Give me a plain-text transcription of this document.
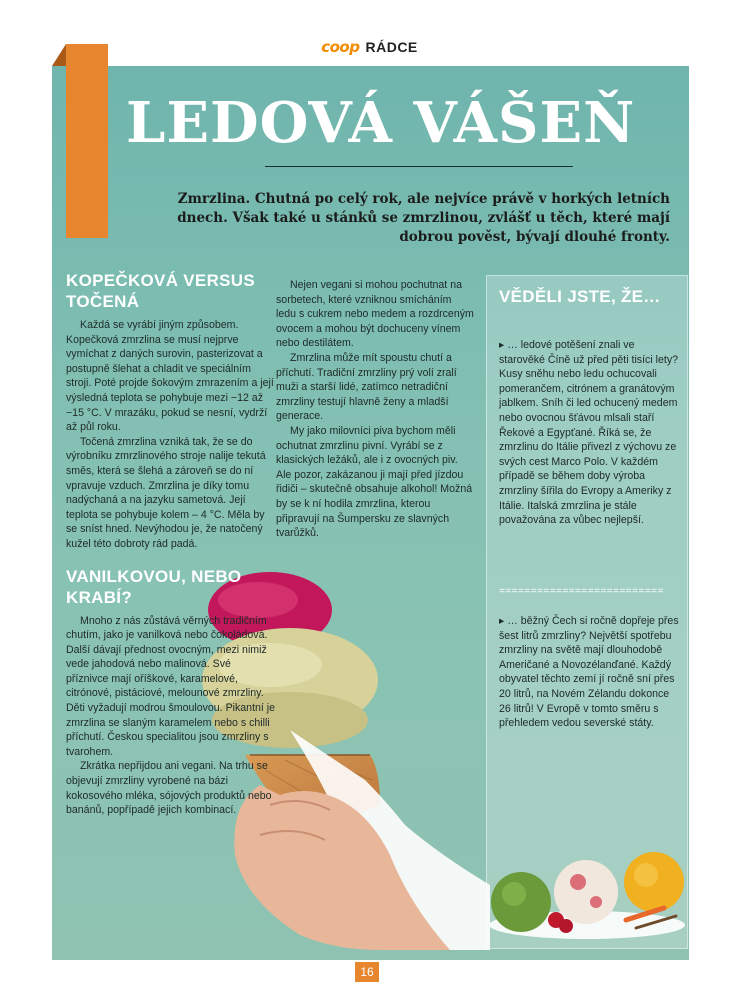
coop RÁDCE
LEDOVÁ VÁŠEŇ
Zmrzlina. Chutná po celý rok, ale nejvíce právě v horkých letních dnech. Však také u stánků se zmrzlinou, zvlášť u těch, které mají dobrou pověst, bývají dlouhé fronty.
VĚDĚLI JSTE, ŽE…
▸ … ledové potěšení znali ve starověké Číně už před pěti tisíci lety? Kusy sněhu nebo ledu ochucovali pomerančem, citrónem a granátovým jablkem. Sníh či led ochucený medem nebo ovocnou šťávou mlsali staří Řekové a Egypťané. Říká se, že zmrzlinu do Itálie přivezl z výchovu ze svých cest Marco Polo. V každém případě se během doby výroba zmrzliny šířila do Evropy a Ameriky z Itálie. Italská zmrzlina je stále považována za vůbec nejlepší.
==========================
▸ … běžný Čech si ročně dopřeje přes šest litrů zmrzliny? Největší spotřebu zmrzliny na světě mají dlouhodobě Američané a Novozélanďané. Každý obyvatel těchto zemí jí ročně sní přes 20 litrů, na Novém Zélandu dokonce 26 litrů! V Evropě v tomto směru s přehledem vedou severské státy.
KOPEČKOVÁ VERSUS TOČENÁ

Každá se vyrábí jiným způsobem. Kopečková zmrzlina se musí nejprve vymíchat z daných surovin, pasterizovat a postupně šlehat a chladit ve speciálním stroji. Poté projde šokovým zmrazením a její výsledná teplota se pohybuje mezi −12 až −15 °C. V mrazáku, pokud se nesní, vydrží až půl roku.

Točená zmrzlina vzniká tak, že se do výrobníku zmrzlinového stroje nalije tekutá směs, která se šlehá a zároveň se do ní vpravuje vzduch. Zmrzlina je díky tomu nadýchaná a na jazyku sametová. Její teplota se pohybuje kolem – 4 °C. Měla by se sníst hned. Nevýhodou je, že natočený kužel této dobroty rád padá.

VANILKOVOU, NEBO KRABÍ?

Mnoho z nás zůstává věrných tradičním chutím, jako je vanilková nebo čokoládová. Další dávají přednost ovocným, mezi nimiž vede jahodová nebo malinová. Své příznivce mají oříškové, karamelové, citrónové, pistáciové, melounové zmrzliny. Děti vyžadují modrou šmoulovou. Pikantní je zmrzlina se slaným karamelem nebo s chilli příchutí. Českou specialitou jsou zmrzliny s tvarohem.

Zkrátka nepřijdou ani vegani. Na trhu se objevují zmrzliny vyrobené na bázi kokosového mléka, sójových produktů nebo banánů, popřípadě jejich kombinací.

Nejen vegani si mohou pochutnat na sorbetech, které vzniknou smícháním ledu s cukrem nebo medem a rozdrceným ovocem a mohou být dochuceny vínem nebo destilátem.

Zmrzlina může mít spoustu chutí a příchutí. Tradiční zmrzliny prý volí zralí muži a starší lidé, zatímco netradiční zmrzliny testují hlavně ženy a mladší generace.

My jako milovníci piva bychom měli ochutnat zmrzlinu pivní. Vyrábí se z klasických ležáků, ale i z ovocných piv. Ale pozor, zakázanou ji mají před jízdou řidiči – skutečně obsahuje alkohol! Možná by se k ní hodila zmrzlina, kterou připravují na Šumpersku ze slavných tvarůžků.

16
